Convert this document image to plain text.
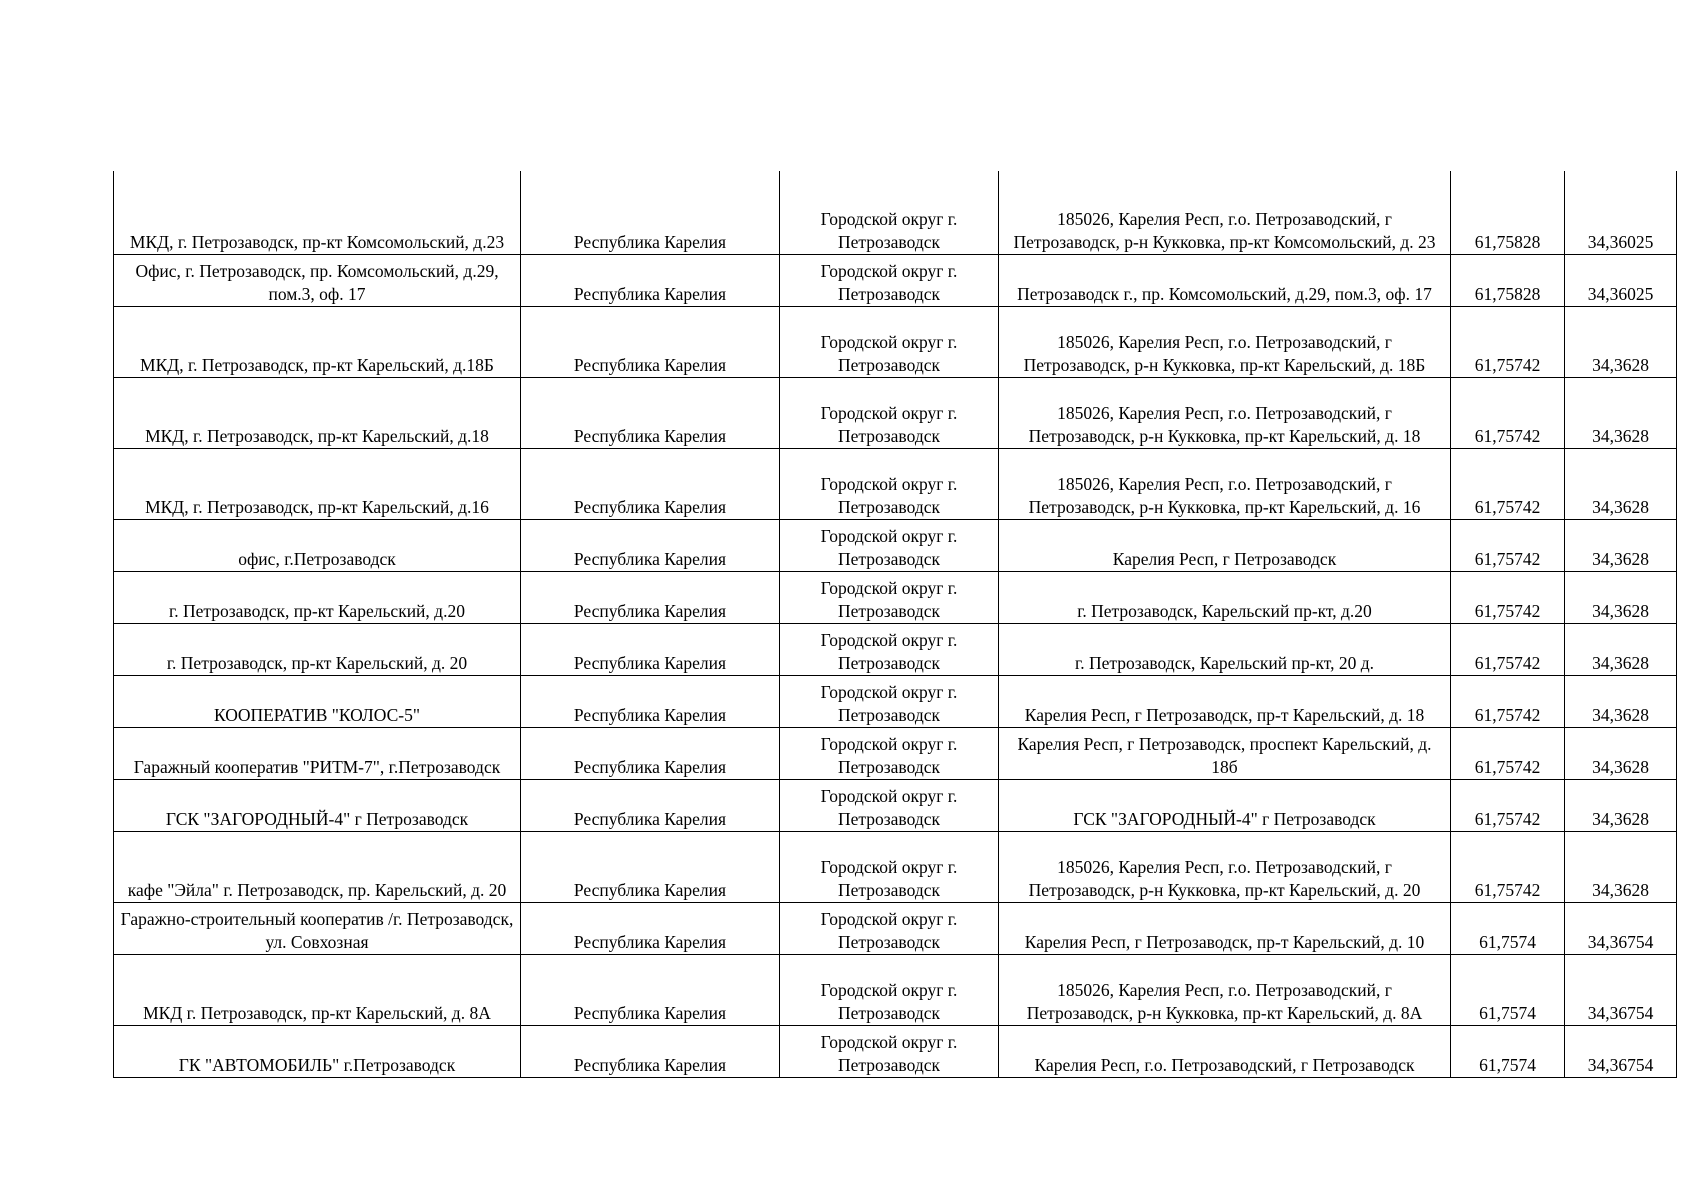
МКД, г. Петрозаводск, пр-кт Комсомольский, д.23	Республика Карелия	Городской округ г. Петрозаводск	185026, Карелия Респ, г.о. Петрозаводский, г Петрозаводск, р-н Кукковка, пр-кт Комсомольский, д. 23	61,75828	34,36025
Офис, г. Петрозаводск, пр. Комсомольский, д.29, пом.3, оф. 17	Республика Карелия	Городской округ г. Петрозаводск	Петрозаводск г., пр. Комсомольский, д.29, пом.3, оф. 17	61,75828	34,36025
МКД, г. Петрозаводск, пр-кт Карельский, д.18Б	Республика Карелия	Городской округ г. Петрозаводск	185026, Карелия Респ, г.о. Петрозаводский, г Петрозаводск, р-н Кукковка, пр-кт Карельский, д. 18Б	61,75742	34,3628
МКД, г. Петрозаводск, пр-кт Карельский, д.18	Республика Карелия	Городской округ г. Петрозаводск	185026, Карелия Респ, г.о. Петрозаводский, г Петрозаводск, р-н Кукковка, пр-кт Карельский, д. 18	61,75742	34,3628
МКД, г. Петрозаводск, пр-кт Карельский, д.16	Республика Карелия	Городской округ г. Петрозаводск	185026, Карелия Респ, г.о. Петрозаводский, г Петрозаводск, р-н Кукковка, пр-кт Карельский, д. 16	61,75742	34,3628
офис, г.Петрозаводск	Республика Карелия	Городской округ г. Петрозаводск	Карелия Респ, г Петрозаводск	61,75742	34,3628
г. Петрозаводск, пр-кт Карельский, д.20	Республика Карелия	Городской округ г. Петрозаводск	г. Петрозаводск, Карельский пр-кт, д.20	61,75742	34,3628
г. Петрозаводск, пр-кт Карельский, д. 20	Республика Карелия	Городской округ г. Петрозаводск	г. Петрозаводск, Карельский пр-кт, 20 д.	61,75742	34,3628
КООПЕРАТИВ "КОЛОС-5"	Республика Карелия	Городской округ г. Петрозаводск	Карелия Респ, г Петрозаводск, пр-т Карельский, д. 18	61,75742	34,3628
Гаражный кооператив "РИТМ-7", г.Петрозаводск	Республика Карелия	Городской округ г. Петрозаводск	Карелия Респ, г Петрозаводск, проспект Карельский, д. 18б	61,75742	34,3628
ГСК "ЗАГОРОДНЫЙ-4" г Петрозаводск	Республика Карелия	Городской округ г. Петрозаводск	ГСК "ЗАГОРОДНЫЙ-4" г Петрозаводск	61,75742	34,3628
кафе "Эйла" г. Петрозаводск, пр. Карельский, д. 20	Республика Карелия	Городской округ г. Петрозаводск	185026, Карелия Респ, г.о. Петрозаводский, г Петрозаводск, р-н Кукковка, пр-кт Карельский, д. 20	61,75742	34,3628
Гаражно-строительный кооператив /г. Петрозаводск, ул. Совхозная	Республика Карелия	Городской округ г. Петрозаводск	Карелия Респ, г Петрозаводск, пр-т Карельский, д. 10	61,7574	34,36754
МКД г. Петрозаводск, пр-кт Карельский, д. 8А	Республика Карелия	Городской округ г. Петрозаводск	185026, Карелия Респ, г.о. Петрозаводский, г Петрозаводск, р-н Кукковка, пр-кт Карельский, д. 8А	61,7574	34,36754
ГК "АВТОМОБИЛЬ" г.Петрозаводск	Республика Карелия	Городской округ г. Петрозаводск	Карелия Респ, г.о. Петрозаводский, г Петрозаводск	61,7574	34,36754
